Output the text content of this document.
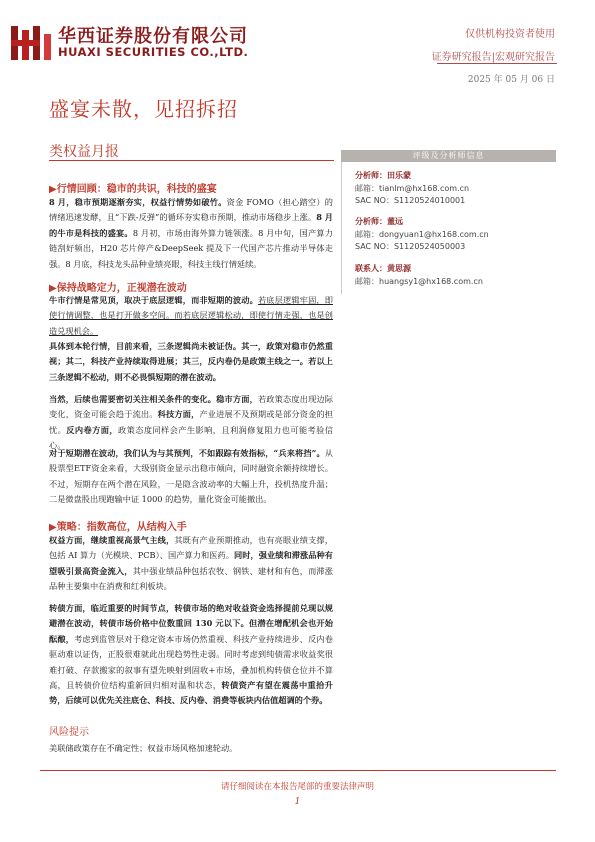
华西证券股份有限公司
HUAXI SECURITIES CO.,LTD.
仅供机构投资者使用
证券研究报告|宏观研究报告
2025 年 05 月 06 日
盛宴未散，见招拆招
类权益月报
▶行情回顾：稳市的共识，科技的盛宴
8 月，稳市预期逐渐夯实，权益行情势如破竹。资金 FOMO（担心踏空）的情绪迅速发酵，且“下跌-反弹”的循环夯实稳市预期，推动市场稳步上涨。8 月的牛市是科技的盛宴。8 月初，市场由海外算力链领涨。8 月中旬，国产算力链刮好频出，H20 芯片停产&DeepSeek 提及下一代国产芯片推动半导体走强。8 月底，科技龙头品种业绩亮眼，科技主线行情延续。
▶保持战略定力，正视潜在波动
牛市行情是常见顶，取决于底层逻辑，而非短期的波动。若底层逻辑牢固，即使行情调整，也是打开做多空间。而若底层逻辑松动，即使行情走强，也是创造兑现机会。
具体到本轮行情，目前来看，三条逻辑尚未被证伪。其一，政策对稳市仍然重视；其二，科技产业持续取得进展；其三，反内卷仍是政策主线之一。若以上三条逻辑不松动，则不必畏惧短期的潜在波动。
当然，后续也需要密切关注相关条件的变化。稳市方面，若政策态度出现边际变化，资金可能会趋于流出。科技方面，产业进展不及预期或是部分资金的担忧。反内卷方面，政策态度同样会产生影响，且利润修复阻力也可能考验信心。
对于短期潜在波动，我们认为与其预判，不如跟踪有效指标，“兵来将挡”。从股票型ETF资金来看，大级别资金显示出稳市倾向，同时融资余额持续增长。不过，短期存在两个潜在风险，一是隐含波动率的大幅上升，投机热度升温；二是微盘股出现跑输中证 1000 的趋势，量化资金可能撤出。
▶策略：指数高位，从结构入手
权益方面，继续重视高景气主线，其既有产业预期推动，也有亮眼业绩支撑，包括 AI 算力（光模块、PCB）、国产算力和医药。同时，强业绩和滞涨品种有望吸引景高资金流入，其中强业绩品种包括农牧、钢铁、建材和有色，而滞涨品种主要集中在消费和红利板块。
转债方面，临近重要的时间节点，转债市场的绝对收益资金选择提前兑现以规避潜在波动，转债市场价格中位数重回 130 元以下。但潜在增配机会也开始酝酿，考虑到监管层对于稳定资本市场仍然重视、科技产业持续进步、反内卷驱动难以证伪，正股很难就此出现趋势性走弱。同时考虑到纯债需求收益奖很难打破、存款搬家的叙事有望先映射到固收+市场，叠加机构转债仓位并不算高，且转债价位结构重新回归相对温和状态，转债资产有望在震荡中重拾升势，后续可以优先关注底仓、科技、反内卷、消费等板块内估值超调的个券。
风险提示
美联储政策存在不确定性；权益市场风格加速轮动。
评级及分析师信息
分析师：田乐蒙
邮箱：tianlm@hx168.com.cn
SAC NO：S1120524010001
分析师：董远
邮箱：dongyuan1@hx168.com.cn
SAC NO：S1120524050003
联系人：黄思源
邮箱：huangsy1@hx168.com.cn
请仔细阅读在本报告尾部的重要法律声明
1
